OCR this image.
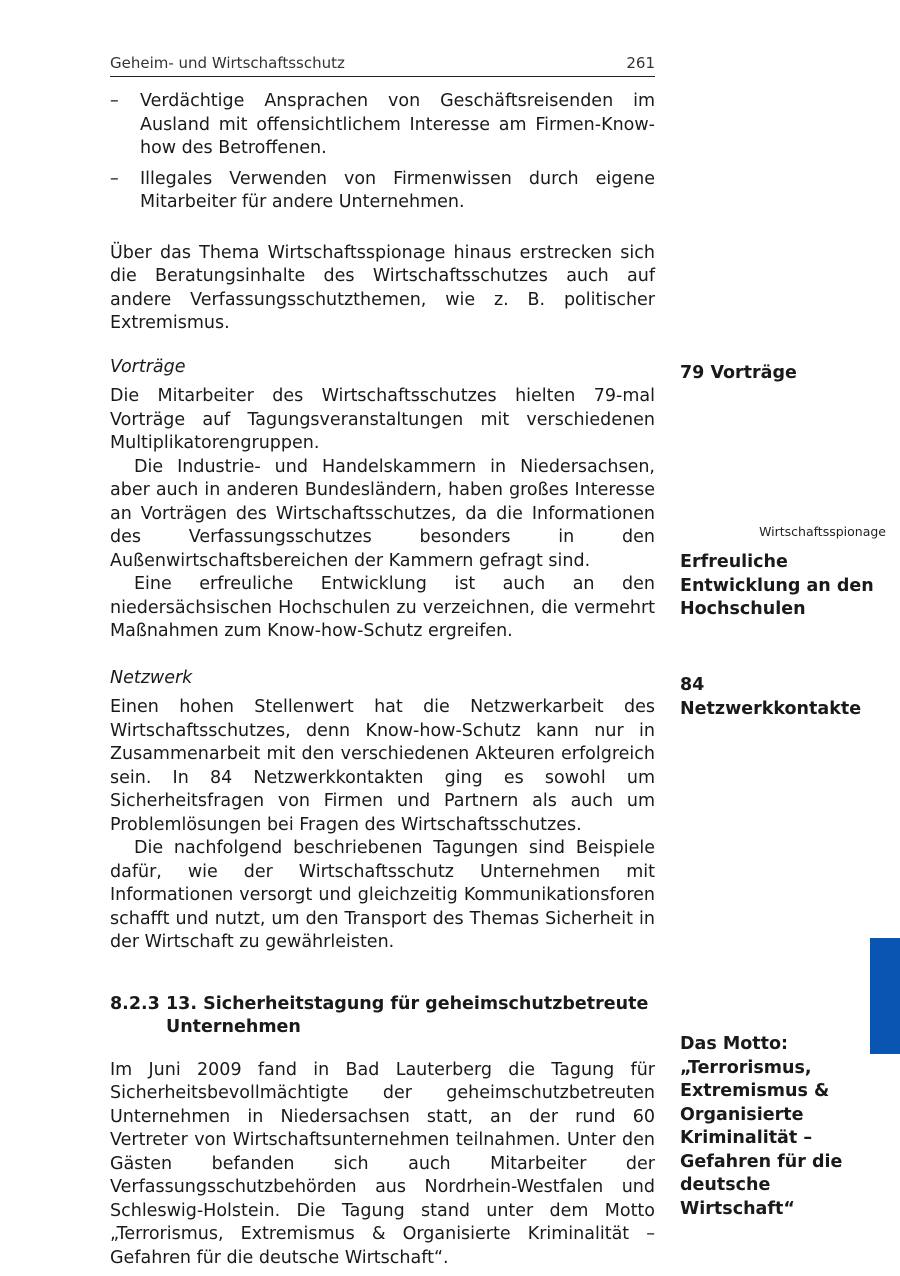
Geheim- und Wirtschaftsschutz	261
– Verdächtige Ansprachen von Geschäftsreisenden im Ausland mit offensichtlichem Interesse am Firmen-Know-how des Betroffenen.
– Illegales Verwenden von Firmenwissen durch eigene Mitarbeiter für andere Unternehmen.

Über das Thema Wirtschaftsspionage hinaus erstrecken sich die Beratungsinhalte des Wirtschaftsschutzes auch auf andere Verfassungsschutzthemen, wie z. B. politischer Extremismus.

Vorträge

Die Mitarbeiter des Wirtschaftsschutzes hielten 79-mal Vorträge auf Tagungsveranstaltungen mit verschiedenen Multiplikatorengruppen.

Die Industrie- und Handelskammern in Niedersachsen, aber auch in anderen Bundesländern, haben großes Interesse an Vorträgen des Wirtschaftsschutzes, da die Informationen des Verfassungsschutzes besonders in den Außenwirtschaftsbereichen der Kammern gefragt sind.

Eine erfreuliche Entwicklung ist auch an den niedersächsischen Hochschulen zu verzeichnen, die vermehrt Maßnahmen zum Know-how-Schutz ergreifen.

Netzwerk

Einen hohen Stellenwert hat die Netzwerkarbeit des Wirtschaftsschutzes, denn Know-how-Schutz kann nur in Zusammenarbeit mit den verschiedenen Akteuren erfolgreich sein. In 84 Netzwerkkontakten ging es sowohl um Sicherheitsfragen von Firmen und Partnern als auch um Problemlösungen bei Fragen des Wirtschaftsschutzes.

Die nachfolgend beschriebenen Tagungen sind Beispiele dafür, wie der Wirtschaftsschutz Unternehmen mit Informationen versorgt und gleichzeitig Kommunikationsforen schafft und nutzt, um den Transport des Themas Sicherheit in der Wirtschaft zu gewährleisten.

8.2.3 13. Sicherheitstagung für geheimschutzbetreute Unternehmen

Im Juni 2009 fand in Bad Lauterberg die Tagung für Sicherheitsbevollmächtigte der geheimschutzbetreuten Unternehmen in Niedersachsen statt, an der rund 60 Vertreter von Wirtschaftsunternehmen teilnahmen. Unter den Gästen befanden sich auch Mitarbeiter der Verfassungsschutzbehörden aus Nordrhein-Westfalen und Schleswig-Holstein. Die Tagung stand unter dem Motto „Terrorismus, Extremismus & Organisierte Kriminalität – Gefahren für die deutsche Wirtschaft“.

79 Vorträge
Wirtschaftsspionage
Erfreuliche Entwicklung an den Hochschulen
84 Netzwerkkontakte
Das Motto: „Terrorismus, Extremismus & Organisierte Kriminalität – Gefahren für die deutsche Wirtschaft“
